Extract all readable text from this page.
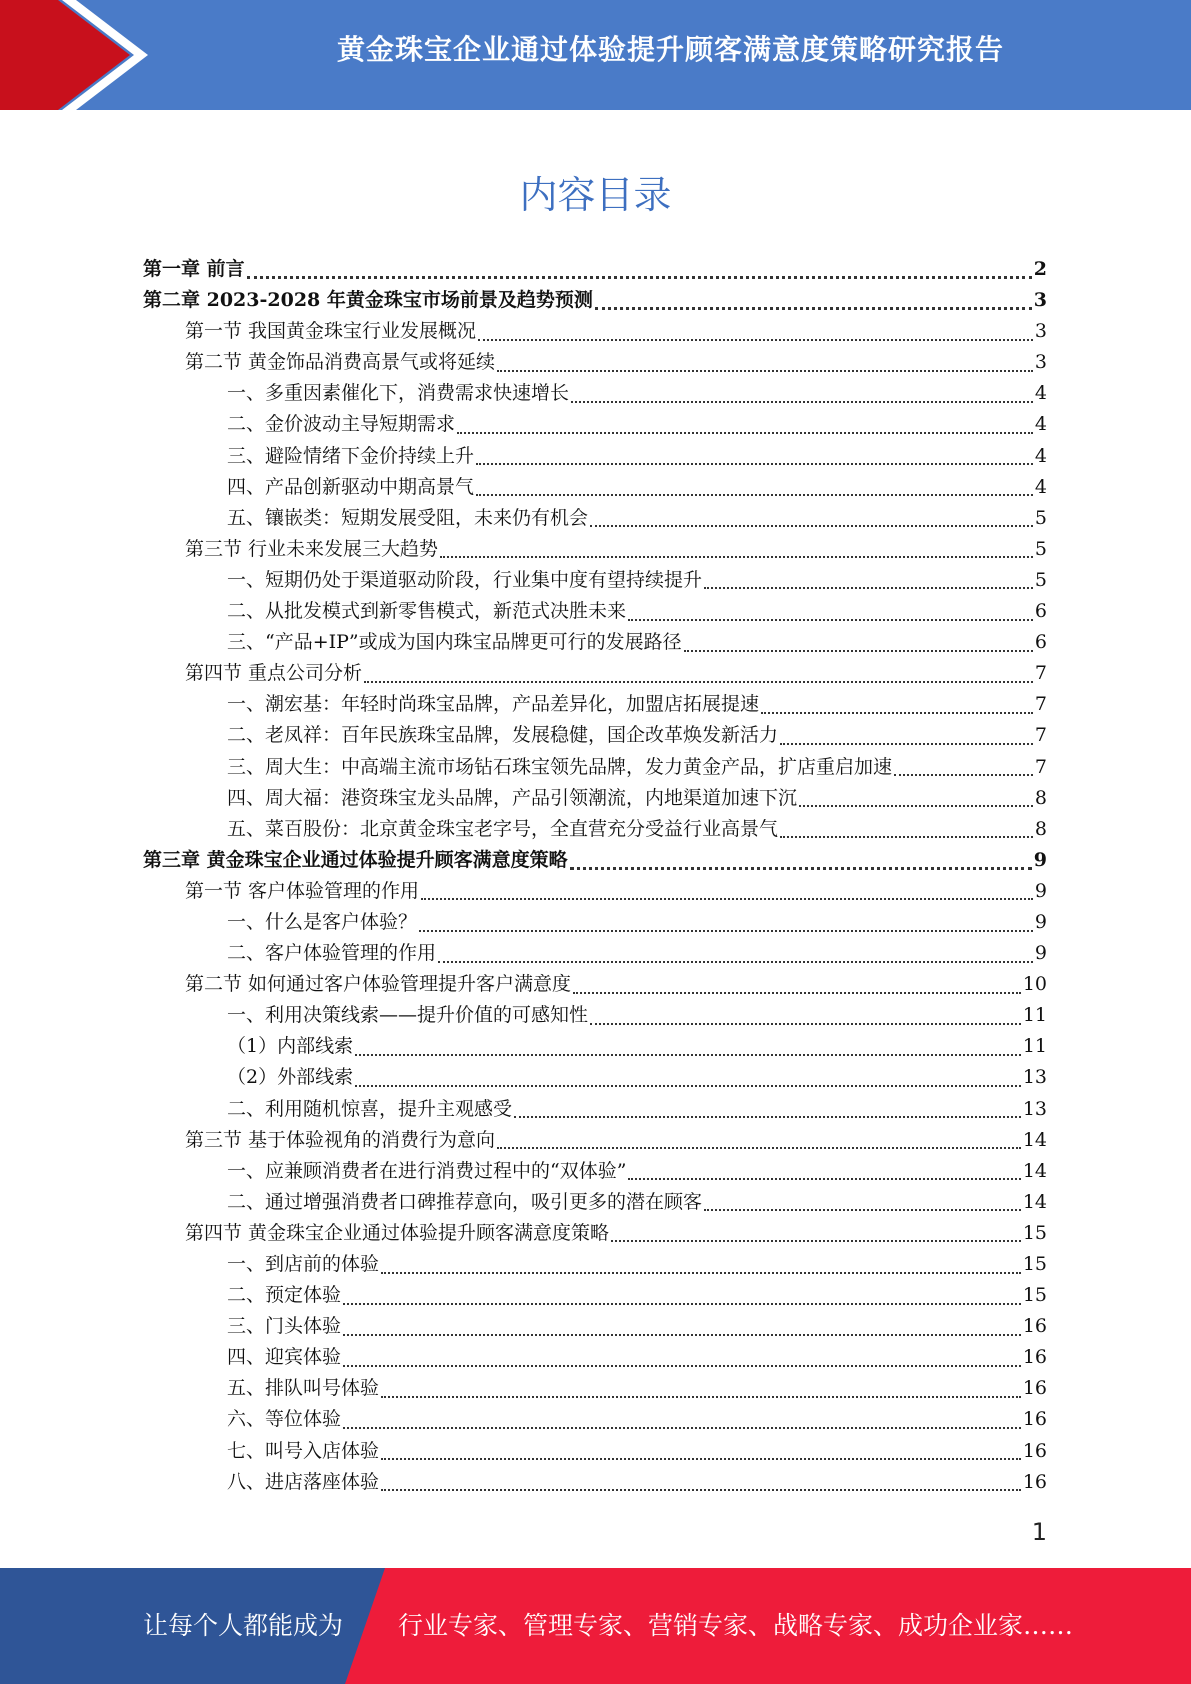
黄金珠宝企业通过体验提升顾客满意度策略研究报告
内容目录
第一章 前言	2
第二章 2023-2028 年黄金珠宝市场前景及趋势预测	3
第一节 我国黄金珠宝行业发展概况	3
第二节 黄金饰品消费高景气或将延续	3
一、多重因素催化下，消费需求快速增长	4
二、金价波动主导短期需求	4
三、避险情绪下金价持续上升	4
四、产品创新驱动中期高景气	4
五、镶嵌类：短期发展受阻，未来仍有机会	5
第三节 行业未来发展三大趋势	5
一、短期仍处于渠道驱动阶段，行业集中度有望持续提升	5
二、从批发模式到新零售模式，新范式决胜未来	6
三、“产品+IP”或成为国内珠宝品牌更可行的发展路径	6
第四节 重点公司分析	7
一、潮宏基：年轻时尚珠宝品牌，产品差异化，加盟店拓展提速	7
二、老凤祥：百年民族珠宝品牌，发展稳健，国企改革焕发新活力	7
三、周大生：中高端主流市场钻石珠宝领先品牌，发力黄金产品，扩店重启加速	7
四、周大福：港资珠宝龙头品牌，产品引领潮流，内地渠道加速下沉	8
五、菜百股份：北京黄金珠宝老字号，全直营充分受益行业高景气	8
第三章 黄金珠宝企业通过体验提升顾客满意度策略	9
第一节 客户体验管理的作用	9
一、什么是客户体验？	9
二、客户体验管理的作用	9
第二节 如何通过客户体验管理提升客户满意度	10
一、利用决策线索——提升价值的可感知性	11
（1）内部线索	11
（2）外部线索	13
二、利用随机惊喜，提升主观感受	13
第三节 基于体验视角的消费行为意向	14
一、应兼顾消费者在进行消费过程中的“双体验”	14
二、通过增强消费者口碑推荐意向，吸引更多的潜在顾客	14
第四节 黄金珠宝企业通过体验提升顾客满意度策略	15
一、到店前的体验	15
二、预定体验	15
三、门头体验	16
四、迎宾体验	16
五、排队叫号体验	16
六、等位体验	16
七、叫号入店体验	16
八、进店落座体验	16
1
让每个人都能成为 行业专家、管理专家、营销专家、战略专家、成功企业家……
